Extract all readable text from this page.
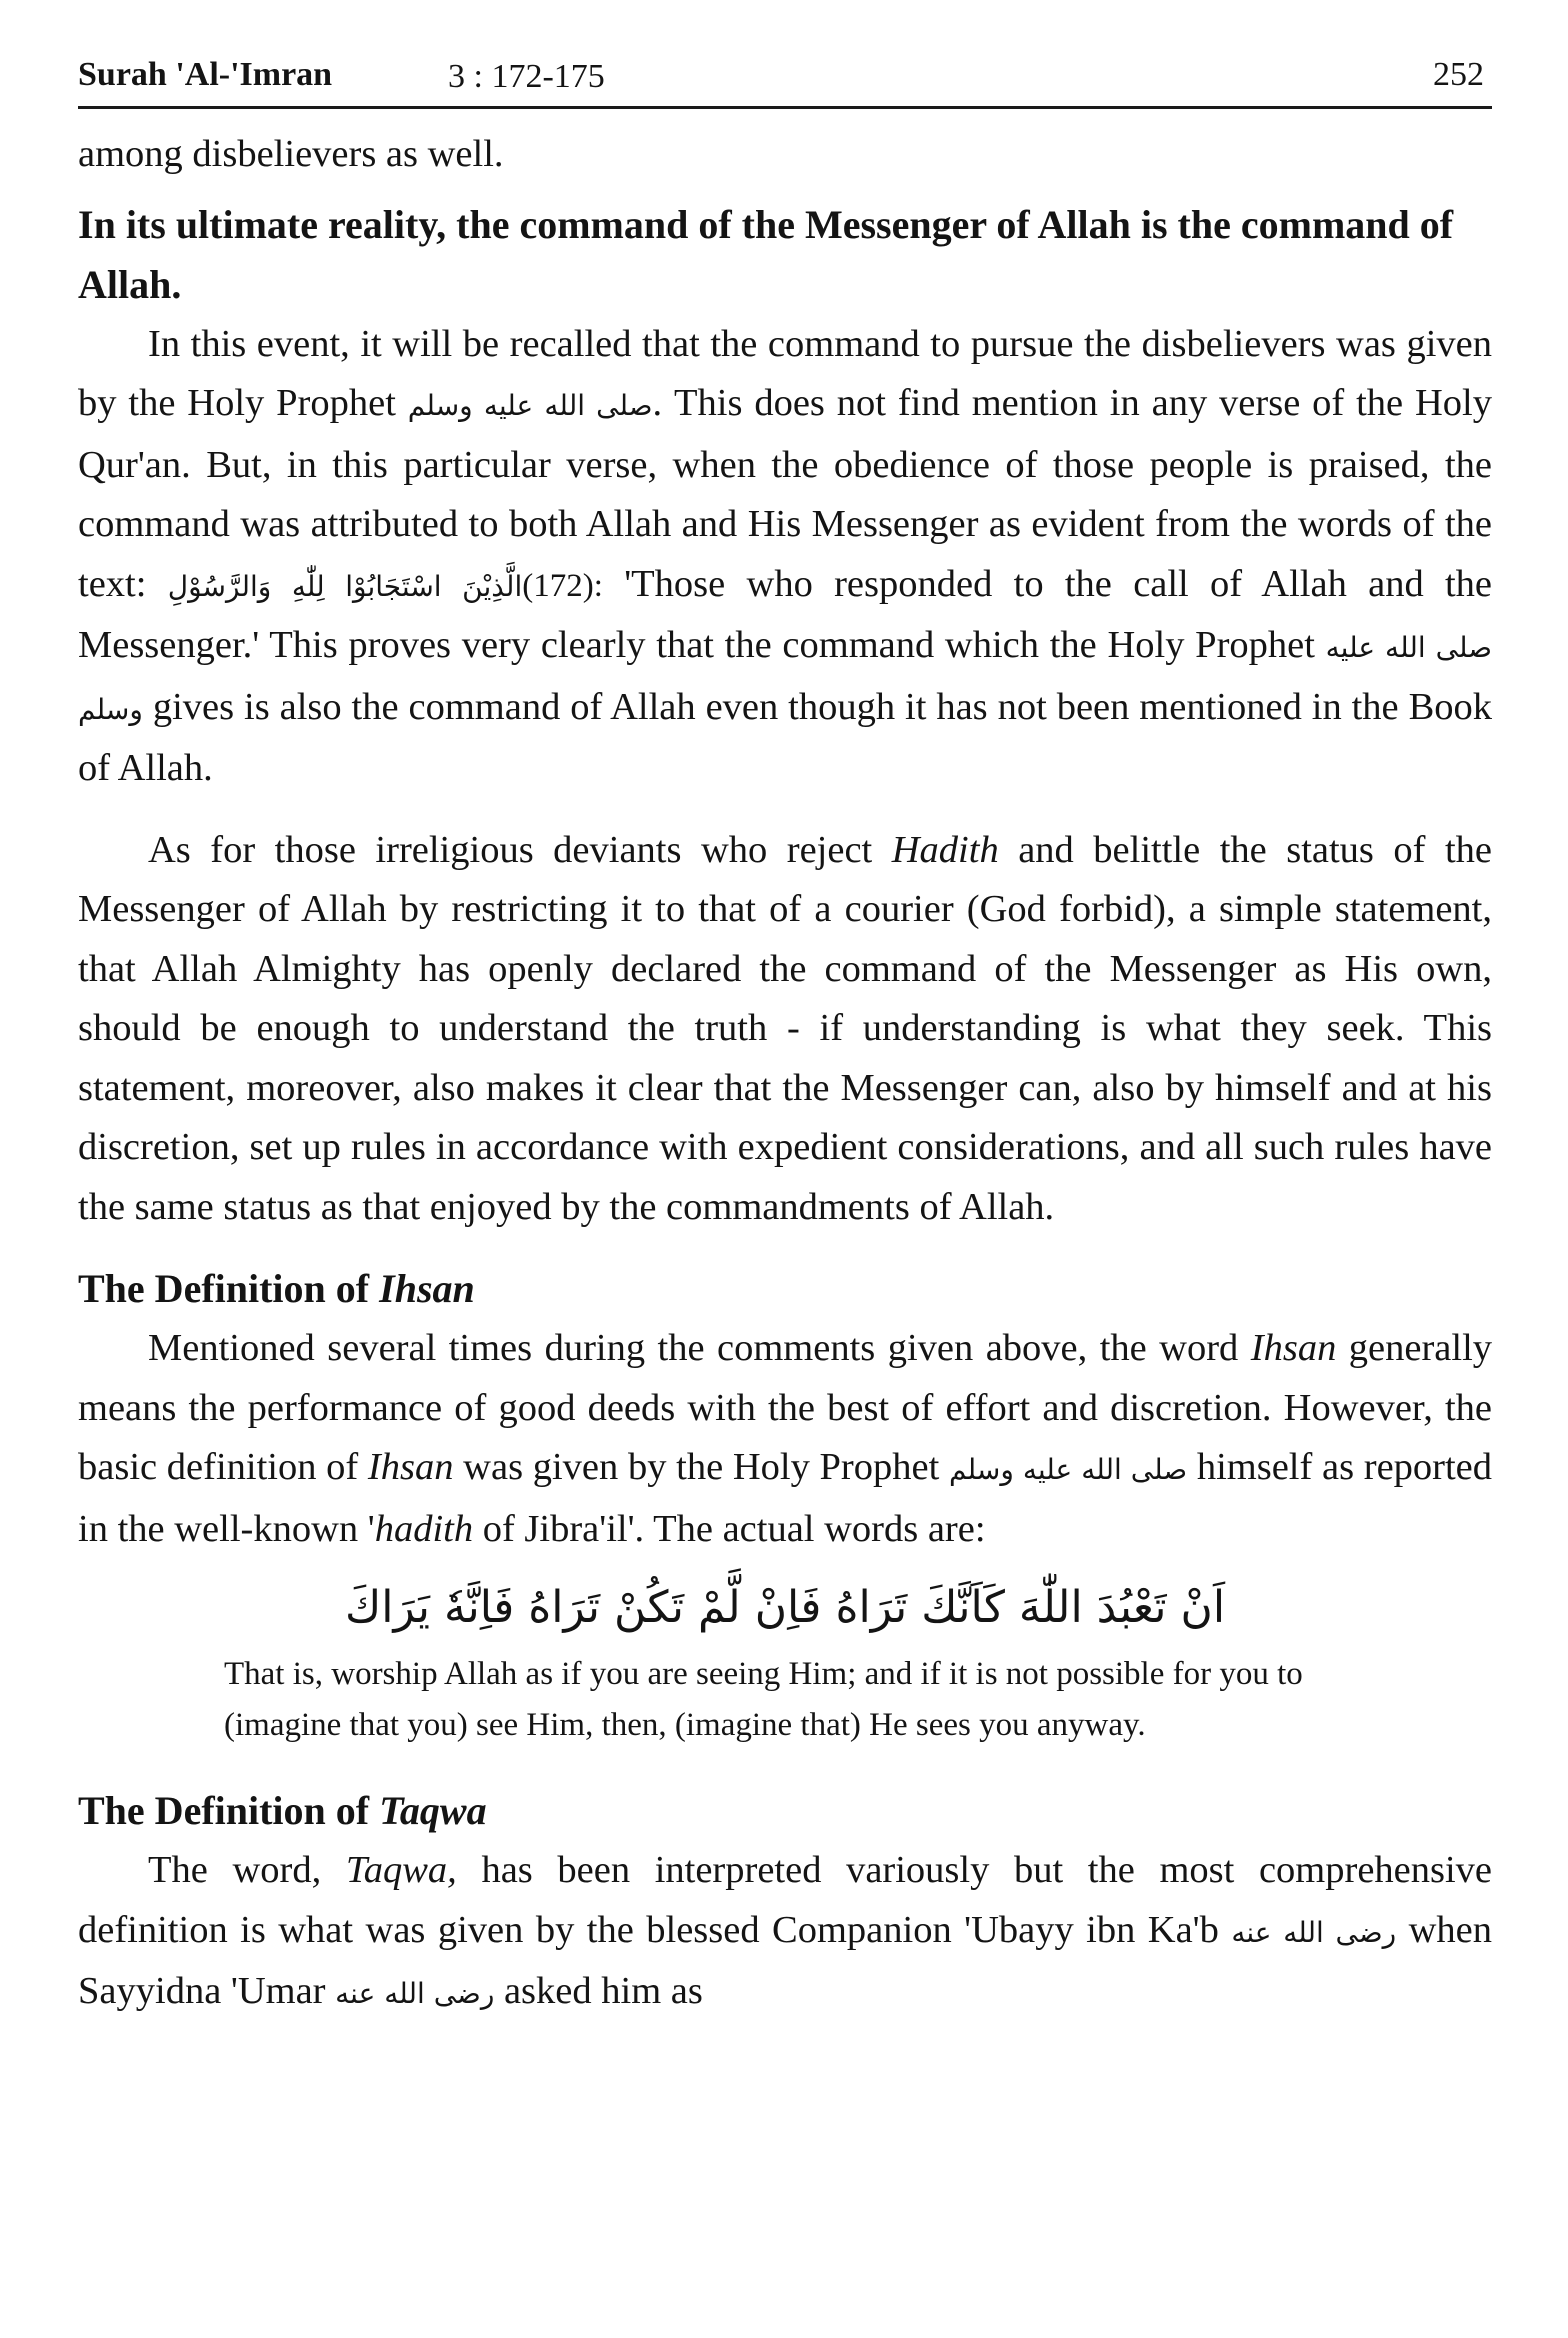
Surah 'Al-'Imran	3 : 172-175	252

among disbelievers as well.

In its ultimate reality, the command of the Messenger of Allah is the command of Allah.

In this event, it will be recalled that the command to pursue the disbelievers was given by the Holy Prophet صلى الله عليه وسلم. This does not find mention in any verse of the Holy Qur'an. But, in this particular verse, when the obedience of those people is praised, the command was attributed to both Allah and His Messenger as evident from the words of the text: الَّذِيْنَ اسْتَجَابُوْا لِلّٰهِ وَالرَّسُوْلِ(172): 'Those who responded to the call of Allah and the Messenger.' This proves very clearly that the command which the Holy Prophet صلى الله عليه وسلم gives is also the command of Allah even though it has not been mentioned in the Book of Allah.

As for those irreligious deviants who reject Hadith and belittle the status of the Messenger of Allah by restricting it to that of a courier (God forbid), a simple statement, that Allah Almighty has openly declared the command of the Messenger as His own, should be enough to understand the truth - if understanding is what they seek. This statement, moreover, also makes it clear that the Messenger can, also by himself and at his discretion, set up rules in accordance with expedient considerations, and all such rules have the same status as that enjoyed by the commandments of Allah.

The Definition of Ihsan

Mentioned several times during the comments given above, the word Ihsan generally means the performance of good deeds with the best of effort and discretion. However, the basic definition of Ihsan was given by the Holy Prophet صلى الله عليه وسلم himself as reported in the well-known 'hadith of Jibra'il'. The actual words are:

اَنْ تَعْبُدَ اللّٰهَ كَاَنَّكَ تَرَاهُ فَاِنْ لَّمْ تَكُنْ تَرَاهُ فَاِنَّهٗ يَرَاكَ

That is, worship Allah as if you are seeing Him; and if it is not possible for you to (imagine that you) see Him, then, (imagine that) He sees you anyway.

The Definition of Taqwa

The word, Taqwa, has been interpreted variously but the most comprehensive definition is what was given by the blessed Companion 'Ubayy ibn Ka'b رضى الله عنه when Sayyidna 'Umar رضى الله عنه asked him as
